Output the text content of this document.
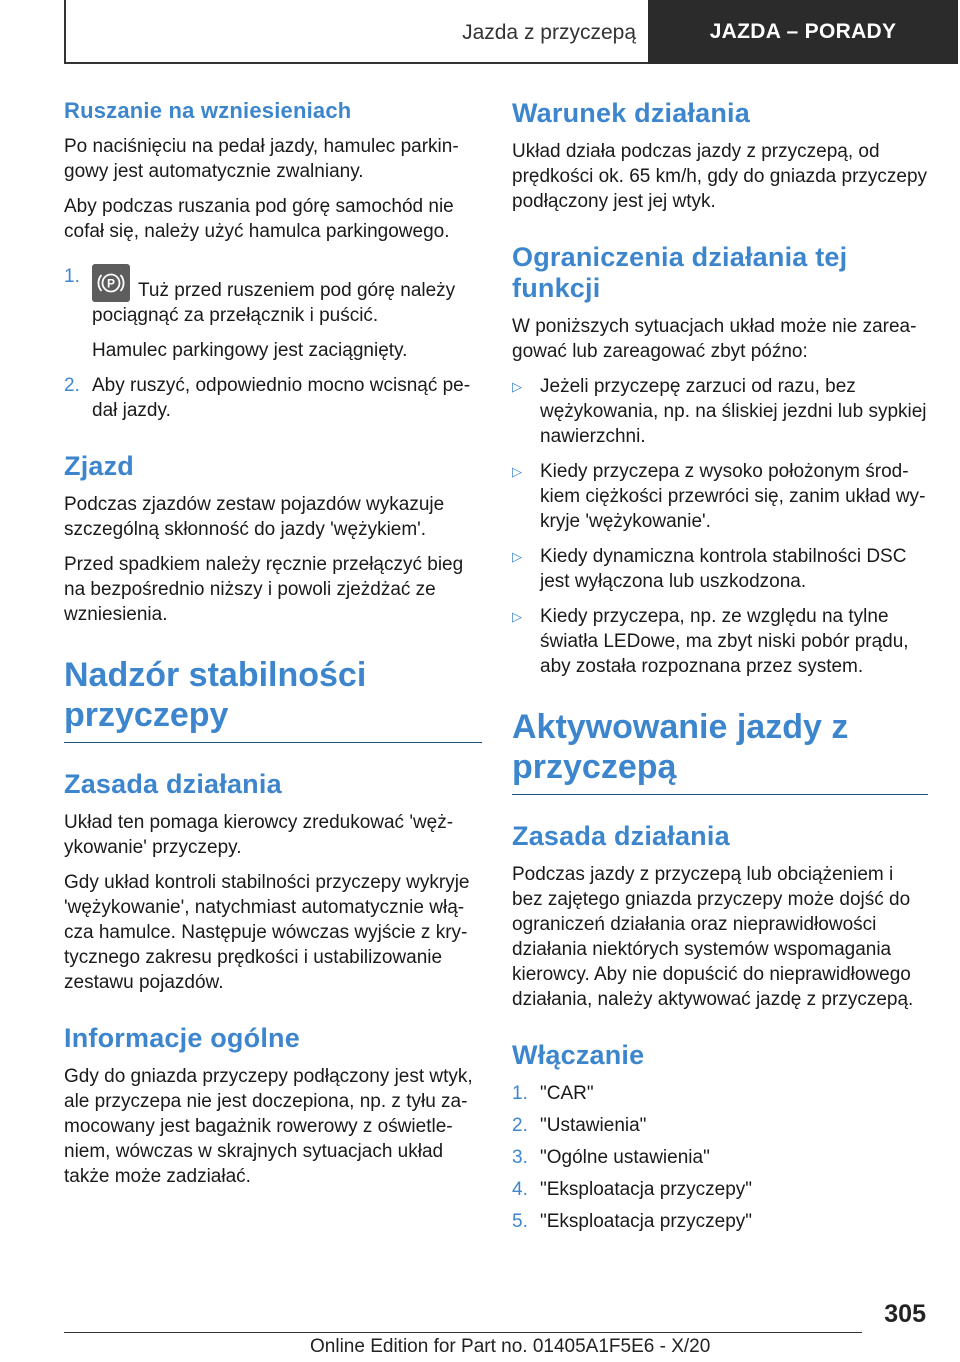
Jazda z przyczepą	JAZDA – PORADY
Ruszanie na wzniesieniach

Po naciśnięciu na pedał jazdy, hamulec parkingowy jest automatycznie zwalniany.

Aby podczas ruszania pod górę samochód nie cofał się, należy użyć hamulca parkingowego.

1.	P Tuż przed ruszeniem pod górę należy pociągnąć za przełącznik i puścić.
Hamulec parkingowy jest zaciągnięty.
2. Aby ruszyć, odpowiednio mocno wcisnąć pedał jazdy.
Zjazd

Podczas zjazdów zestaw pojazdów wykazuje szczególną skłonność do jazdy 'wężykiem'.

Przed spadkiem należy ręcznie przełączyć bieg na bezpośrednio niższy i powoli zjeżdżać ze wzniesienia.

Nadzór stabilności przyczepy
Zasada działania

Układ ten pomaga kierowcy zredukować 'wężykowanie' przyczepy.

Gdy układ kontroli stabilności przyczepy wykryje 'wężykowanie', natychmiast automatycznie włącza hamulce. Następuje wówczas wyjście z krytycznego zakresu prędkości i ustabilizowanie zestawu pojazdów.

Informacje ogólne

Gdy do gniazda przyczepy podłączony jest wtyk, ale przyczepa nie jest doczepiona, np. z tyłu zamocowany jest bagażnik rowerowy z oświetleniem, wówczas w skrajnych sytuacjach układ także może zadziałać.

Warunek działania

Układ działa podczas jazdy z przyczepą, od prędkości ok. 65 km/h, gdy do gniazda przyczepy podłączony jest jej wtyk.

Ograniczenia działania tej funkcji

W poniższych sytuacjach układ może nie zareagować lub zareagować zbyt późno:

▷ Jeżeli przyczepę zarzuci od razu, bez wężykowania, np. na śliskiej jezdni lub sypkiej nawierzchni.
▷ Kiedy przyczepa z wysoko położonym środkiem ciężkości przewróci się, zanim układ wykryje 'wężykowanie'.
▷ Kiedy dynamiczna kontrola stabilności DSC jest wyłączona lub uszkodzona.
▷ Kiedy przyczepa, np. ze względu na tylne światła LEDowe, ma zbyt niski pobór prądu, aby została rozpoznana przez system.
Aktywowanie jazdy z przyczepą
Zasada działania

Podczas jazdy z przyczepą lub obciążeniem i bez zajętego gniazda przyczepy może dojść do ograniczeń działania oraz nieprawidłowości działania niektórych systemów wspomagania kierowcy. Aby nie dopuścić do nieprawidłowego działania, należy aktywować jazdę z przyczepą.

Włączanie
1. "CAR"
2. "Ustawienia"
3. "Ogólne ustawienia"
4. "Eksploatacja przyczepy"
5. "Eksploatacja przyczepy"
305
Online Edition for Part no. 01405A1F5E6 - X/20
